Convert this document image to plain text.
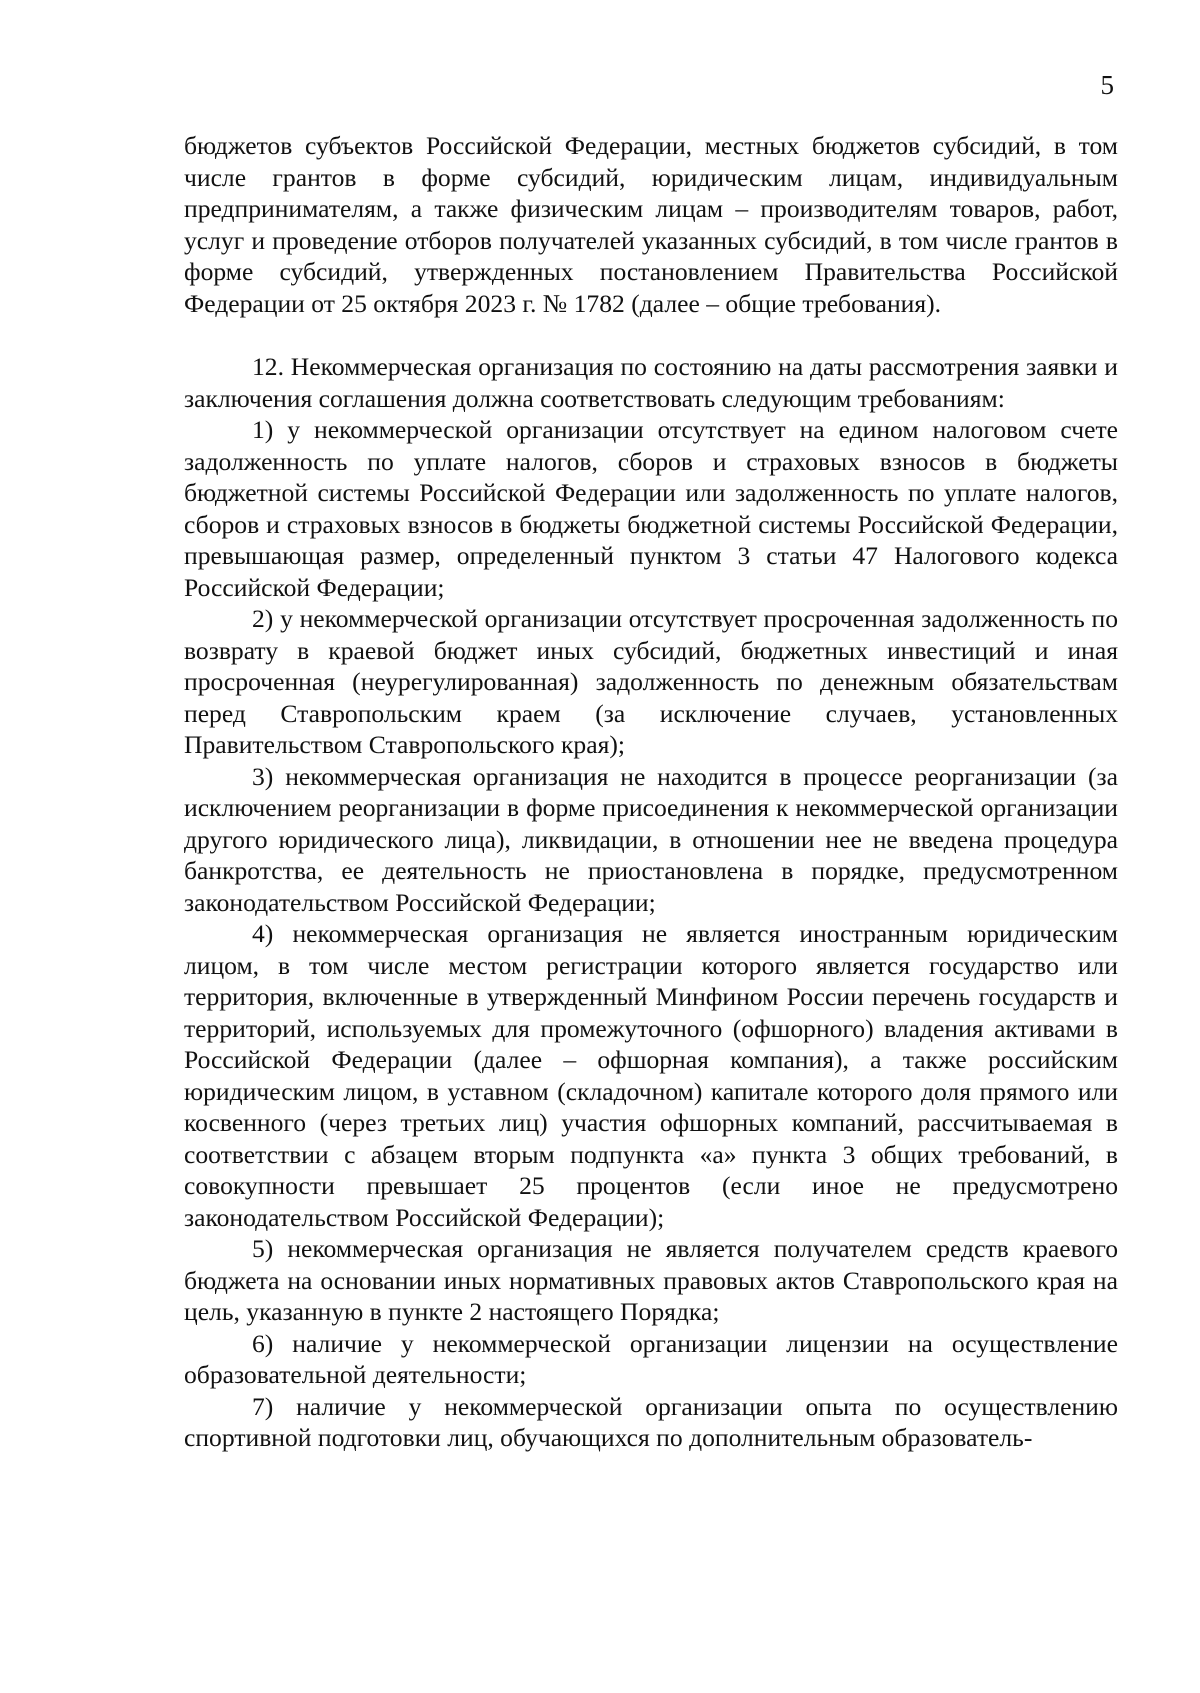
5

бюджетов субъектов Российской Федерации, местных бюджетов субсидий, в том числе грантов в форме субсидий, юридическим лицам, индивидуальным предпринимателям, а также физическим лицам – производителям товаров, работ, услуг и проведение отборов получателей указанных субсидий, в том числе грантов в форме субсидий, утвержденных постановлением Правительства Российской Федерации от 25 октября 2023 г. № 1782 (далее – общие требования).

12. Некоммерческая организация по состоянию на даты рассмотрения заявки и заключения соглашения должна соответствовать следующим требованиям:

1) у некоммерческой организации отсутствует на едином налоговом счете задолженность по уплате налогов, сборов и страховых взносов в бюджеты бюджетной системы Российской Федерации или задолженность по уплате налогов, сборов и страховых взносов в бюджеты бюджетной системы Российской Федерации, превышающая размер, определенный пунктом 3 статьи 47 Налогового кодекса Российской Федерации;

2) у некоммерческой организации отсутствует просроченная задолженность по возврату в краевой бюджет иных субсидий, бюджетных инвестиций и иная просроченная (неурегулированная) задолженность по денежным обязательствам перед Ставропольским краем (за исключение случаев, установленных Правительством Ставропольского края);

3) некоммерческая организация не находится в процессе реорганизации (за исключением реорганизации в форме присоединения к некоммерческой организации другого юридического лица), ликвидации, в отношении нее не введена процедура банкротства, ее деятельность не приостановлена в порядке, предусмотренном законодательством Российской Федерации;

4) некоммерческая организация не является иностранным юридическим лицом, в том числе местом регистрации которого является государство или территория, включенные в утвержденный Минфином России перечень государств и территорий, используемых для промежуточного (офшорного) владения активами в Российской Федерации (далее – офшорная компания), а также российским юридическим лицом, в уставном (складочном) капитале которого доля прямого или косвенного (через третьих лиц) участия офшорных компаний, рассчитываемая в соответствии с абзацем вторым подпункта «а» пункта 3 общих требований, в совокупности превышает 25 процентов (если иное не предусмотрено законодательством Российской Федерации);

5) некоммерческая организация не является получателем средств краевого бюджета на основании иных нормативных правовых актов Ставропольского края на цель, указанную в пункте 2 настоящего Порядка;

6) наличие у некоммерческой организации лицензии на осуществление образовательной деятельности;

7) наличие у некоммерческой организации опыта по осуществлению спортивной подготовки лиц, обучающихся по дополнительным образователь-
